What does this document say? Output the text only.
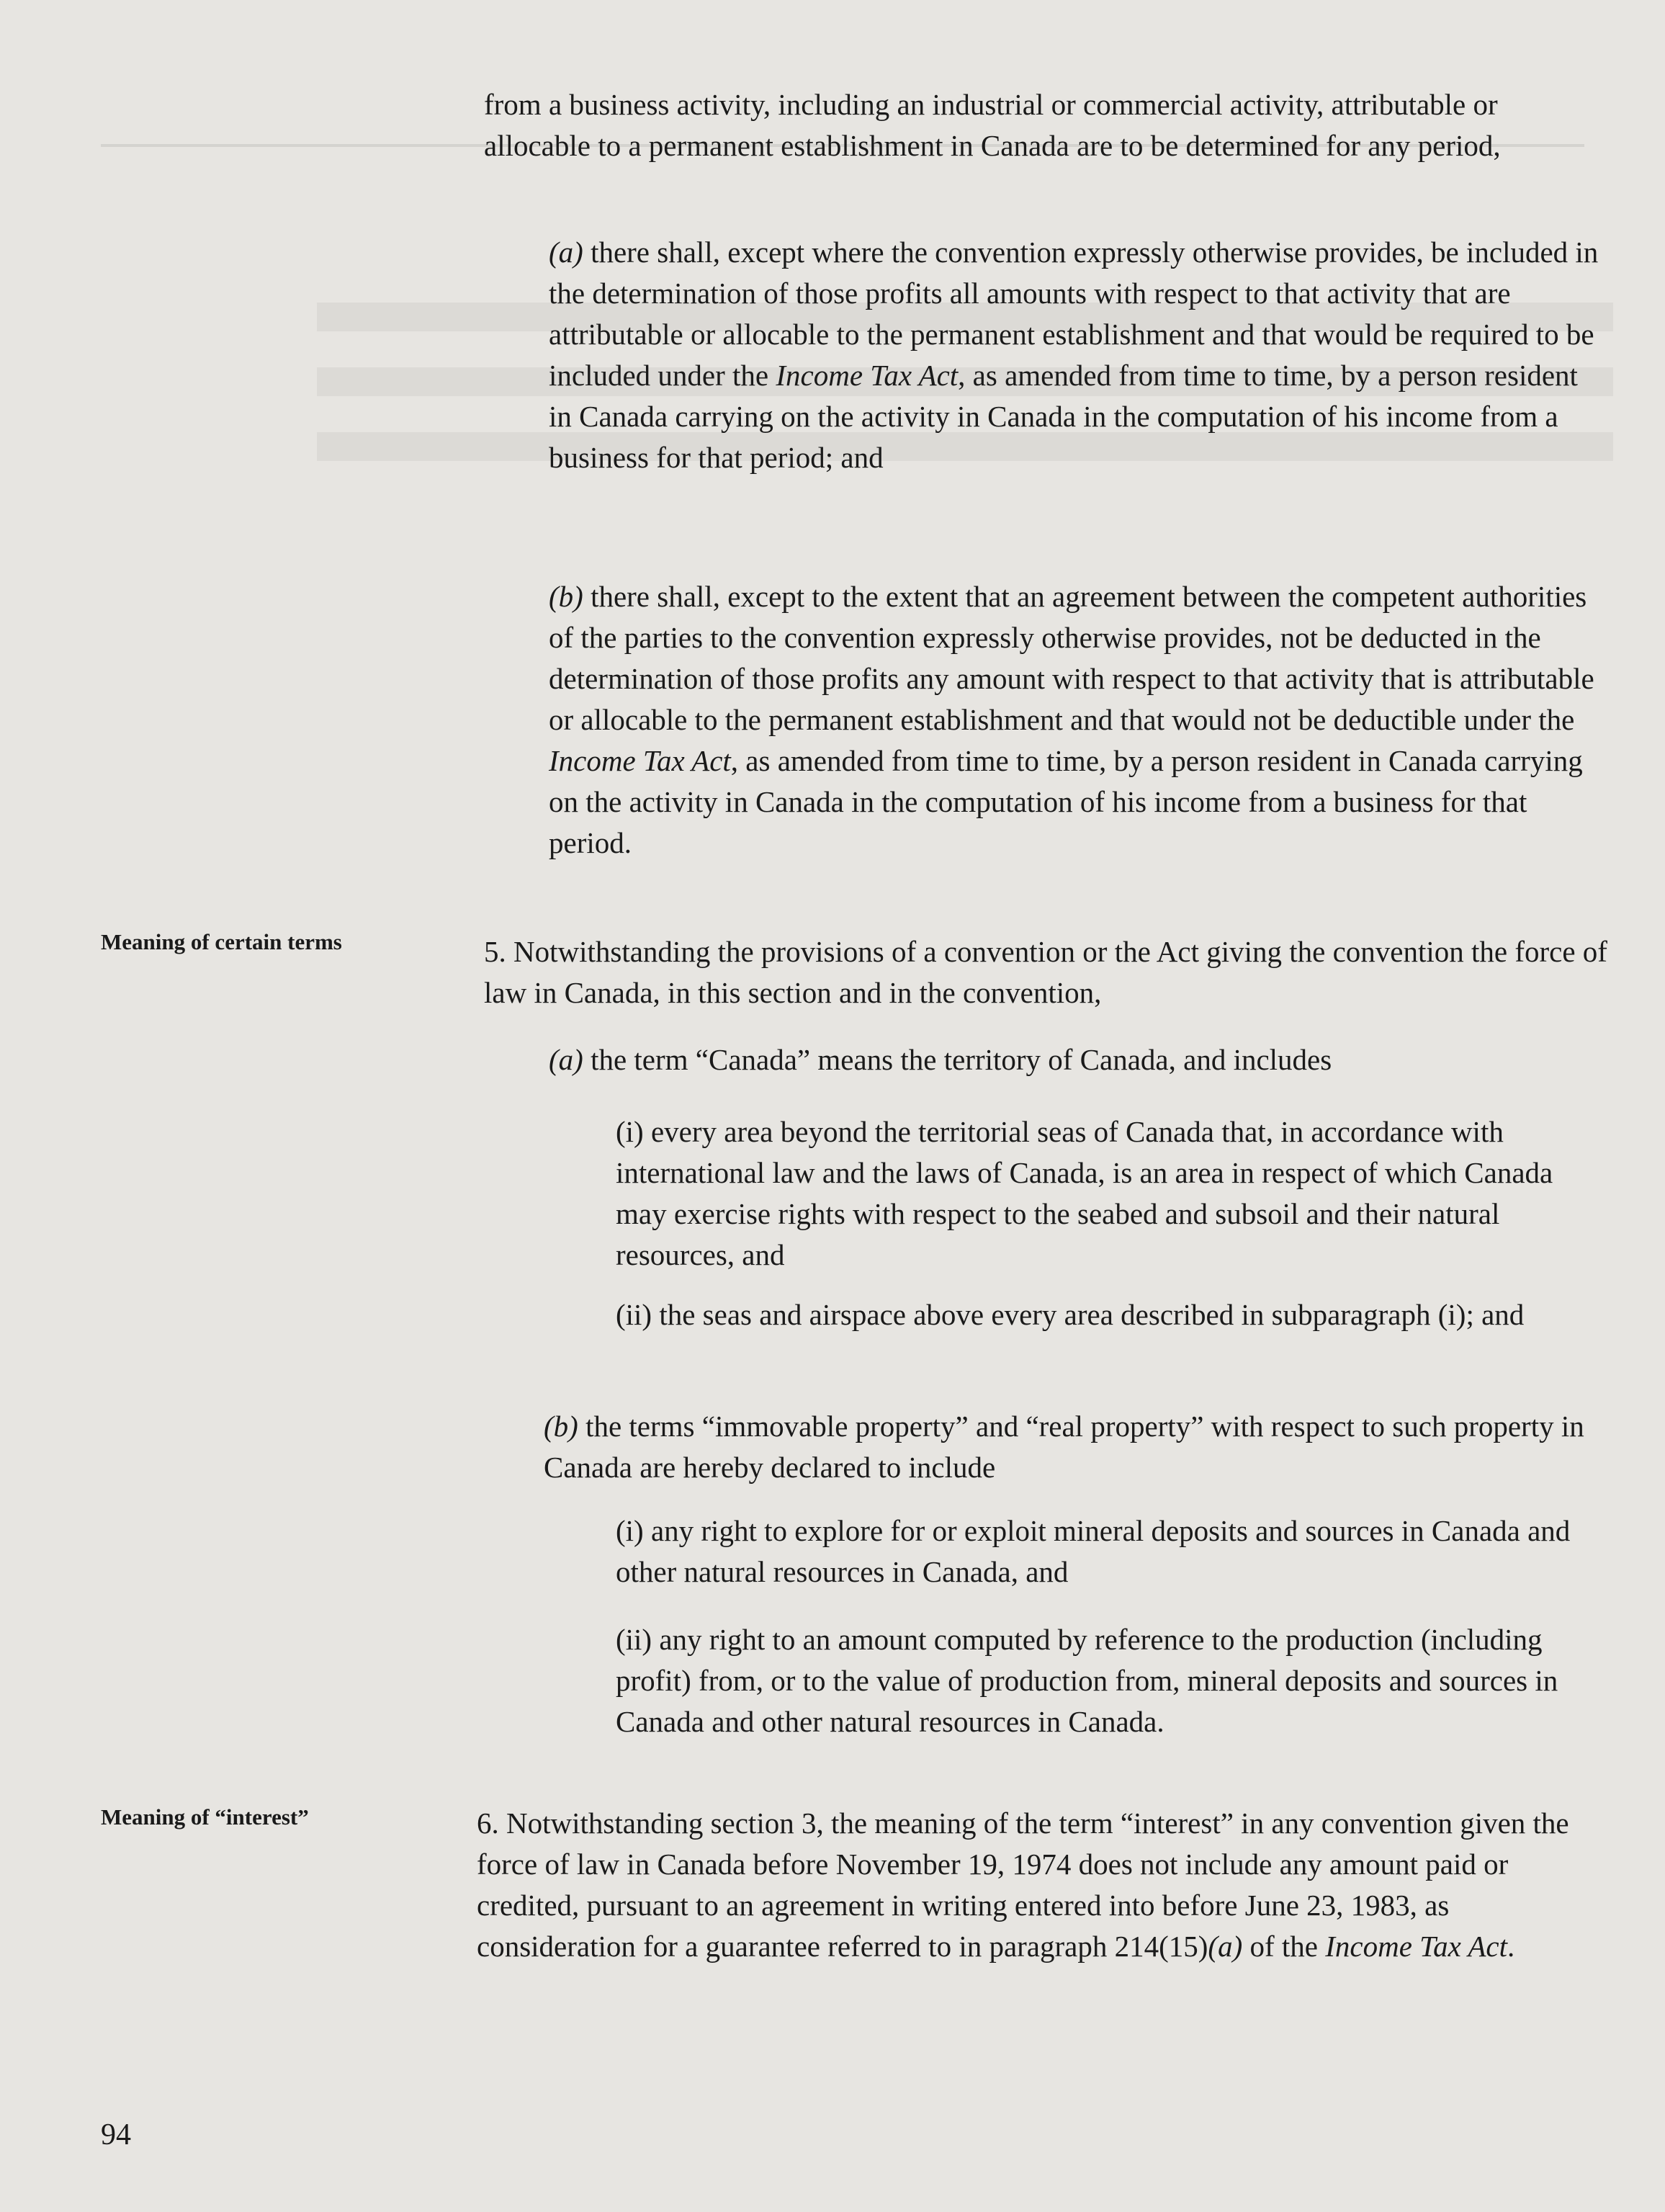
from a business activity, including an industrial or commercial activity, attributable or allocable to a permanent establishment in Canada are to be determined for any period,

(a) there shall, except where the convention expressly otherwise provides, be included in the determination of those profits all amounts with respect to that activity that are attributable or allocable to the permanent establishment and that would be required to be included under the Income Tax Act, as amended from time to time, by a person resident in Canada carrying on the activity in Canada in the computation of his income from a business for that period; and

(b) there shall, except to the extent that an agreement between the competent authorities of the parties to the convention expressly otherwise provides, not be deducted in the determination of those profits any amount with respect to that activity that is attributable or allocable to the permanent establishment and that would not be deductible under the Income Tax Act, as amended from time to time, by a person resident in Canada carrying on the activity in Canada in the computation of his income from a business for that period.

Meaning of certain terms	5. Notwithstanding the provisions of a convention or the Act giving the convention the force of law in Canada, in this section and in the convention,

(a) the term “Canada” means the territory of Canada, and includes

(i) every area beyond the territorial seas of Canada that, in accordance with international law and the laws of Canada, is an area in respect of which Canada may exercise rights with respect to the seabed and subsoil and their natural resources, and

(ii) the seas and airspace above every area described in subparagraph (i); and

(b) the terms “immovable property” and “real property” with respect to such property in Canada are hereby declared to include

(i) any right to explore for or exploit mineral deposits and sources in Canada and other natural resources in Canada, and

(ii) any right to an amount computed by reference to the production (including profit) from, or to the value of production from, mineral deposits and sources in Canada and other natural resources in Canada.

Meaning of “interest”	6. Notwithstanding section 3, the meaning of the term “interest” in any convention given the force of law in Canada before November 19, 1974 does not include any amount paid or credited, pursuant to an agreement in writing entered into before June 23, 1983, as consideration for a guarantee referred to in paragraph 214(15)(a) of the Income Tax Act.

94
